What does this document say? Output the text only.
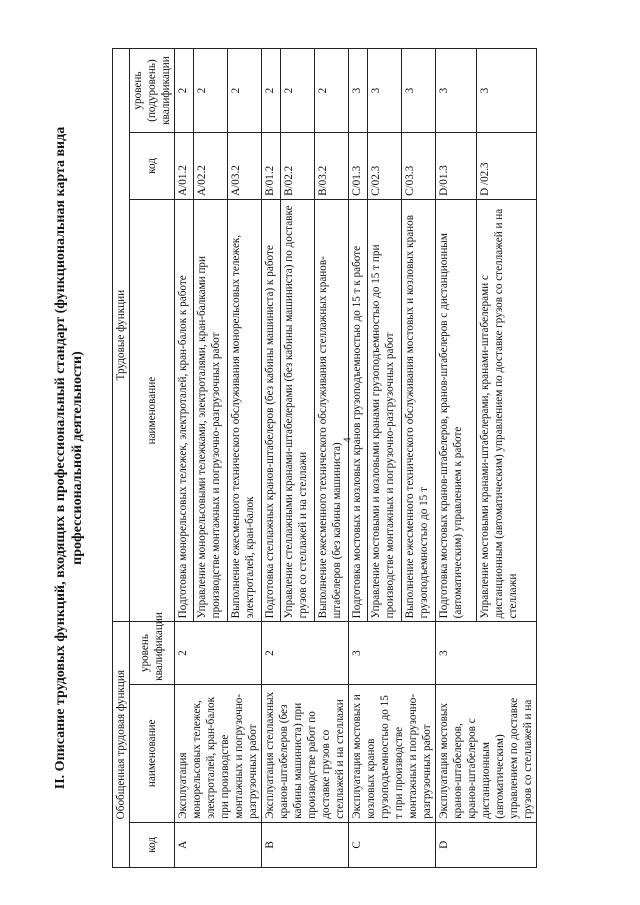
4
II. Описание трудовых функций, входящих в профессиональный стандарт (функциональная карта вида профессиональной деятельности)
Обобщенная трудовая функция			Трудовые функции		
код	наименование	уровень квалификации	наименование	код	уровень (подуровень) квалификации
A	Эксплуатация монорельсовых тележек, электроталей, кран-балок при производстве монтажных и погрузочно-разгрузочных работ	2	Подготовка монорельсовых тележек, электроталей, кран-балок к работе	A/01.2	2
			Управление монорельсовыми тележками, электроталями, кран-балками при производстве монтажных и погрузочно-разгрузочных работ	A/02.2	2
			Выполнение ежесменного технического обслуживания монорельсовых тележек, электроталей, кран-балок	A/03.2	2
B	Эксплуатация стеллажных кранов-штабелеров (без кабины машиниста) при производстве работ по доставке грузов со стеллажей и на стеллажи	2	Подготовка стеллажных кранов-штабелеров (без кабины машиниста) к работе	B/01.2	2
			Управление стеллажными кранами-штабелерами (без кабины машиниста) по доставке грузов со стеллажей и на стеллажи	B/02.2	2
			Выполнение ежесменного технического обслуживания стеллажных кранов-штабелеров (без кабины машиниста)	B/03.2	2
C	Эксплуатация мостовых и козловых кранов грузоподъемностью до 15 т при производстве монтажных и погрузочно-разгрузочных работ	3	Подготовка мостовых и козловых кранов грузоподъемностью до 15 т к работе	C/01.3	3
			Управление мостовыми и козловыми кранами грузоподъемностью до 15 т при производстве монтажных и погрузочно-разгрузочных работ	C/02.3	3
			Выполнение ежесменного технического обслуживания мостовых и козловых кранов грузоподъемностью до 15 т	C/03.3	3
D	Эксплуатация мостовых кранов-штабелеров, кранов-штабелеров с дистанционным (автоматическим) управлением по доставке грузов со стеллажей и на	3	Подготовка мостовых кранов-штабелеров, кранов-штабелеров с дистанционным (автоматическим) управлением к работе	D/01.3	3
			Управление мостовыми кранами-штабелерами, кранами-штабелерами с дистанционным (автоматическим) управлением по доставке грузов со стеллажей и на стеллажи	D /02.3	3
